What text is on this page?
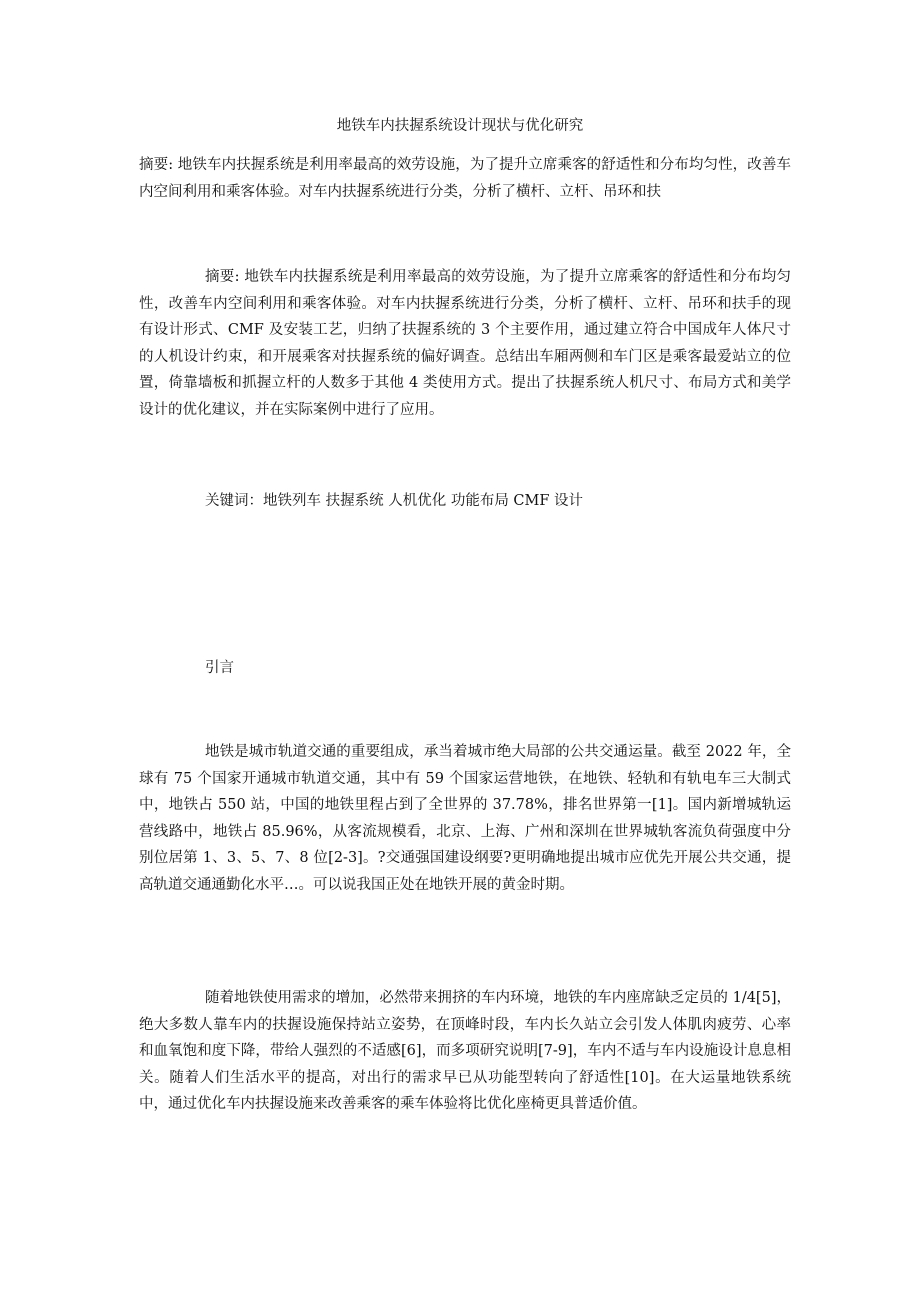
地铁车内扶握系统设计现状与优化研究

摘要: 地铁车内扶握系统是利用率最高的效劳设施，为了提升立席乘客的舒适性和分布均匀性，改善车内空间利用和乘客体验。对车内扶握系统进行分类，分析了横杆、立杆、吊环和扶

摘要: 地铁车内扶握系统是利用率最高的效劳设施，为了提升立席乘客的舒适性和分布均匀性，改善车内空间利用和乘客体验。对车内扶握系统进行分类，分析了横杆、立杆、吊环和扶手的现有设计形式、CMF 及安装工艺，归纳了扶握系统的 3 个主要作用，通过建立符合中国成年人体尺寸的人机设计约束，和开展乘客对扶握系统的偏好调查。总结出车厢两侧和车门区是乘客最爱站立的位置，倚靠墙板和抓握立杆的人数多于其他 4 类使用方式。提出了扶握系统人机尺寸、布局方式和美学设计的优化建议，并在实际案例中进行了应用。

关键词：地铁列车 扶握系统 人机优化 功能布局 CMF 设计

引言

地铁是城市轨道交通的重要组成，承当着城市绝大局部的公共交通运量。截至 2022 年，全球有 75 个国家开通城市轨道交通，其中有 59 个国家运营地铁，在地铁、轻轨和有轨电车三大制式中，地铁占 550 站，中国的地铁里程占到了全世界的 37.78%，排名世界第一[1]。国内新增城轨运营线路中，地铁占 85.96%，从客流规模看，北京、上海、广州和深圳在世界城轨客流负荷强度中分别位居第 1、3、5、7、8 位[2-3]。?交通强国建设纲要?更明确地提出城市应优先开展公共交通，提高轨道交通通勤化水平…。可以说我国正处在地铁开展的黄金时期。

随着地铁使用需求的增加，必然带来拥挤的车内环境，地铁的车内座席缺乏定员的 1/4[5]，绝大多数人靠车内的扶握设施保持站立姿势，在顶峰时段，车内长久站立会引发人体肌肉疲劳、心率和血氧饱和度下降，带给人强烈的不适感[6]，而多项研究说明[7-9]，车内不适与车内设施设计息息相关。随着人们生活水平的提高，对出行的需求早已从功能型转向了舒适性[10]。在大运量地铁系统中，通过优化车内扶握设施来改善乘客的乘车体验将比优化座椅更具普适价值。
